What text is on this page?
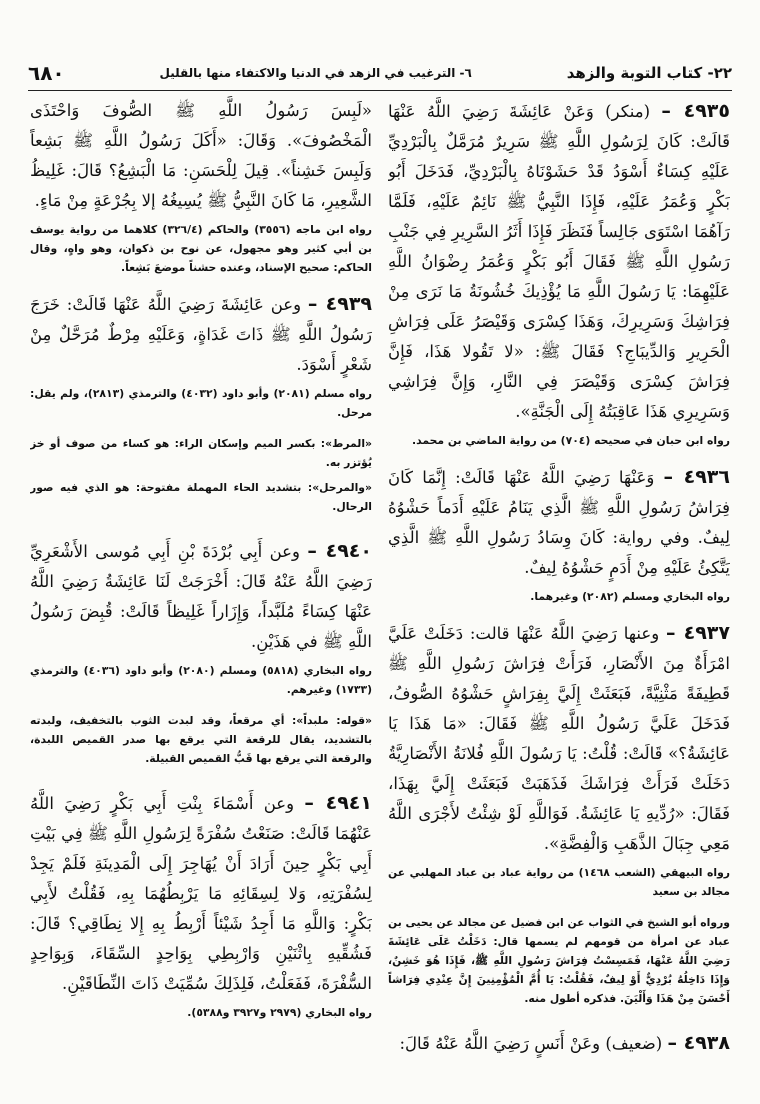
٢٢- كتاب التوبة والزهد
٦- الترغيب في الزهد في الدنيا والاكتفاء منها بالقليل
٦٨٠

٤٩٣٥ – (منكر) وَعَنْ عَائِشَةَ رَضِيَ اللَّهُ عَنْهَا قَالَتْ: كَانَ لِرَسُولِ اللَّهِ ﷺ سَرِيرٌ مُرَمَّلٌ بِالْبَرْدِيِّ عَلَيْهِ كِسَاءٌ أَسْوَدُ قَدْ حَشَوْنَاهُ بِالْبَرْدِيِّ، فَدَخَلَ أَبُو بَكْرٍ وَعُمَرُ عَلَيْهِ، فَإِذَا النَّبِيُّ ﷺ نَائِمٌ عَلَيْهِ، فَلَمَّا رَآهُمَا اسْتَوَى جَالِساً فَنَظَرَ فَإِذَا أَثَرُ السَّرِيرِ فِي جَنْبِ رَسُولِ اللَّهِ ﷺ فَقَالَ أَبُو بَكْرٍ وَعُمَرُ رِضْوَانُ اللَّهِ عَلَيْهِمَا: يَا رَسُولَ اللَّهِ مَا يُؤْذِيكَ خُشُونَةُ مَا نَرَى مِنْ فِرَاشِكَ وَسَرِيرِكَ، وَهَذَا كِسْرَى وَقَيْصَرُ عَلَى فِرَاشِ الْحَرِيرِ وَالدِّيبَاجِ؟ فَقَالَ ﷺ: «لا تَقُولا هَذَا، فَإِنَّ فِرَاشَ كِسْرَى وَقَيْصَرَ فِي النَّارِ، وَإِنَّ فِرَاشِي وَسَرِيرِي هَذَا عَاقِبَتُهُ إِلَى الْجَنَّةِ».

رواه ابن حبان في صحيحه (٧٠٤) من رواية الماضي بن محمد.

٤٩٣٦ – وَعَنْهَا رَضِيَ اللَّهُ عَنْهَا قَالَتْ: إِنَّمَا كَانَ فِرَاشُ رَسُولِ اللَّهِ ﷺ الَّذِي يَنَامُ عَلَيْهِ أَدَماً حَشْوُهُ لِيفٌ. وفي رواية: كَانَ وِسَادُ رَسُولِ اللَّهِ ﷺ الَّذِي يَتَّكِئُ عَلَيْهِ مِنْ أَدَمٍ حَشْوُهُ لِيفٌ.

رواه البخاري ومسلم (٢٠٨٢) وغيرهما.

٤٩٣٧ – وعنها رَضِيَ اللَّهُ عَنْهَا قالت: دَخَلَتْ عَلَيَّ امْرَأَةٌ مِنَ الأَنْصَارِ، فَرَأَتْ فِرَاشَ رَسُولِ اللَّهِ ﷺ قَطِيفَةً مَثْنِيَّةً، فَبَعَثَتْ إِلَيَّ بِفِرَاشٍ حَشْوُهُ الصُّوفُ، فَدَخَلَ عَلَيَّ رَسُولُ اللَّهِ ﷺ فَقَالَ: «مَا هَذَا يَا عَائِشَةُ؟» قَالَتْ: قُلْتُ: يَا رَسُولَ اللَّهِ فُلانَةُ الأَنْصَارِيَّةُ دَخَلَتْ فَرَأَتْ فِرَاشَكَ فَذَهَبَتْ فَبَعَثَتْ إِلَيَّ بِهَذَا، فَقَالَ: «رُدِّيهِ يَا عَائِشَةُ. فَوَاللَّهِ لَوْ شِئْتُ لأَجْرَى اللَّهُ مَعِي جِبَالَ الذَّهَبِ وَالْفِضَّةِ».

رواه البيهقي (الشعب ١٤٦٨) من رواية عباد بن عباد المهلبي عن مجالد بن سعيد

ورواه أبو الشيخ في الثواب عن ابن فضيل عن مجالد عن يحيى بن عباد عن امرأة من قومهم لم يسمها قال: دَخَلْتُ عَلَى عَائِشَةَ رَضِيَ اللَّهُ عَنْهَا، فَمَسِسْتُ فِرَاشَ رَسُولِ اللَّهِ ﷺ، فَإِذَا هُوَ خَشِنٌ، وَإِذَا دَاخِلُهُ بُرْدِيٌّ أَوْ لِيفٌ، فَقُلْتُ: يَا أُمَّ الْمُؤْمِنِينَ إِنَّ عِنْدِي فِرَاشاً أَحْسَنَ مِنْ هَذَا وَأَلْيَنَ. فذكره أطول منه.

٤٩٣٨ – (ضعيف) وعَنْ أَنَسٍ رَضِيَ اللَّهُ عَنْهُ قَالَ:

«لَبِسَ رَسُولُ اللَّهِ ﷺ الصُّوفَ وَاحْتَذَى الْمَخْصُوفَ». وَقَالَ: «أَكَلَ رَسُولُ اللَّهِ ﷺ بَشِعاً وَلَبِسَ خَشِناً». قِيلَ لِلْحَسَنِ: مَا الْبَشِعُ؟ قَالَ: غَلِيظُ الشَّعِيرِ، مَا كَانَ النَّبِيُّ ﷺ يُسِيغُهُ إلا بِجُرْعَةٍ مِنْ مَاءٍ.

رواه ابن ماجه (٣٥٥٦) والحاكم (٣٢٦/٤) كلاهما من رواية يوسف بن أبي كثير وهو مجهول، عن نوح بن ذكوان، وهو واهٍ، وقال الحاكم: صحيح الإسناد، وعنده حشناً موضعَ بَشِعاً.

٤٩٣٩ – وعن عَائِشَةَ رَضِيَ اللَّهُ عَنْهَا قَالَتْ: خَرَجَ رَسُولُ اللَّهِ ﷺ ذَاتَ غَدَاةٍ، وَعَلَيْهِ مِرْطٌ مُرَحَّلٌ مِنْ شَعْرٍ أَسْوَدَ.

رواه مسلم (٢٠٨١) وأبو داود (٤٠٣٢) والترمذي (٢٨١٣)، ولم يقل: مرحل.

«المرط»: بكسر الميم وإسكان الراء: هو كساء من صوف أو خز يُؤتزر به.

«والمرحل»: بتشديد الحاء المهملة مفتوحة: هو الذي فيه صور الرحال.

٤٩٤٠ – وعن أَبِي بُرْدَةَ بْنِ أَبِي مُوسى الأَشْعَرِيِّ رَضِيَ اللَّهُ عَنْهُ قَالَ: أَخْرَجَتْ لَنَا عَائِشَةُ رَضِيَ اللَّهُ عَنْهَا كِسَاءً مُلَبَّداً، وَإِزَاراً غَلِيظاً قَالَتْ: قُبِضَ رَسُولُ اللَّهِ ﷺ في هَذَيْنِ.

رواه البخاري (٥٨١٨) ومسلم (٢٠٨٠) وأبو داود (٤٠٣٦) والترمذي (١٧٣٣) وغيرهم.

«قوله: ملبداً»: أي مرقعاً، وقد لبدت الثوب بالتخفيف، ولبدته بالتشديد، يقال للرقعة التي يرقع بها صدر القميص اللبدة، والرقعة التي يرقع بها قَبُّ القميص القبيلة.

٤٩٤١ – وعن أَسْمَاءَ بِنْتِ أَبِي بَكْرٍ رَضِيَ اللَّهُ عَنْهُمَا قَالَتْ: صَنَعْتُ سُفْرَةً لِرَسُولِ اللَّهِ ﷺ فِي بَيْتِ أَبِي بَكْرٍ حِينَ أَرَادَ أَنْ يُهَاجِرَ إِلَى الْمَدِينَةِ فَلَمْ يَجِدْ لِسُفْرَتِهِ، وَلا لِسِقَائِهِ مَا يَرْبِطُهُمَا بِهِ، فَقُلْتُ لأَبِي بَكْرٍ: وَاللَّهِ مَا أَجِدُ شَيْئاً أَرْبِطُ بِهِ إِلا نِطَاقِي؟ قَالَ: فَشُقِّيهِ بِاثْنَيْنِ وَارْبِطِي بِوَاحِدٍ السِّقَاءَ، وَبِوَاحِدٍ السُّفْرَةَ، فَفَعَلْتُ، فَلِذَلِكَ سُمِّيَتْ ذَاتَ النِّطَاقَيْنِ.

رواه البخاري (٢٩٧٩ و٣٩٢٧ و٥٣٨٨).
